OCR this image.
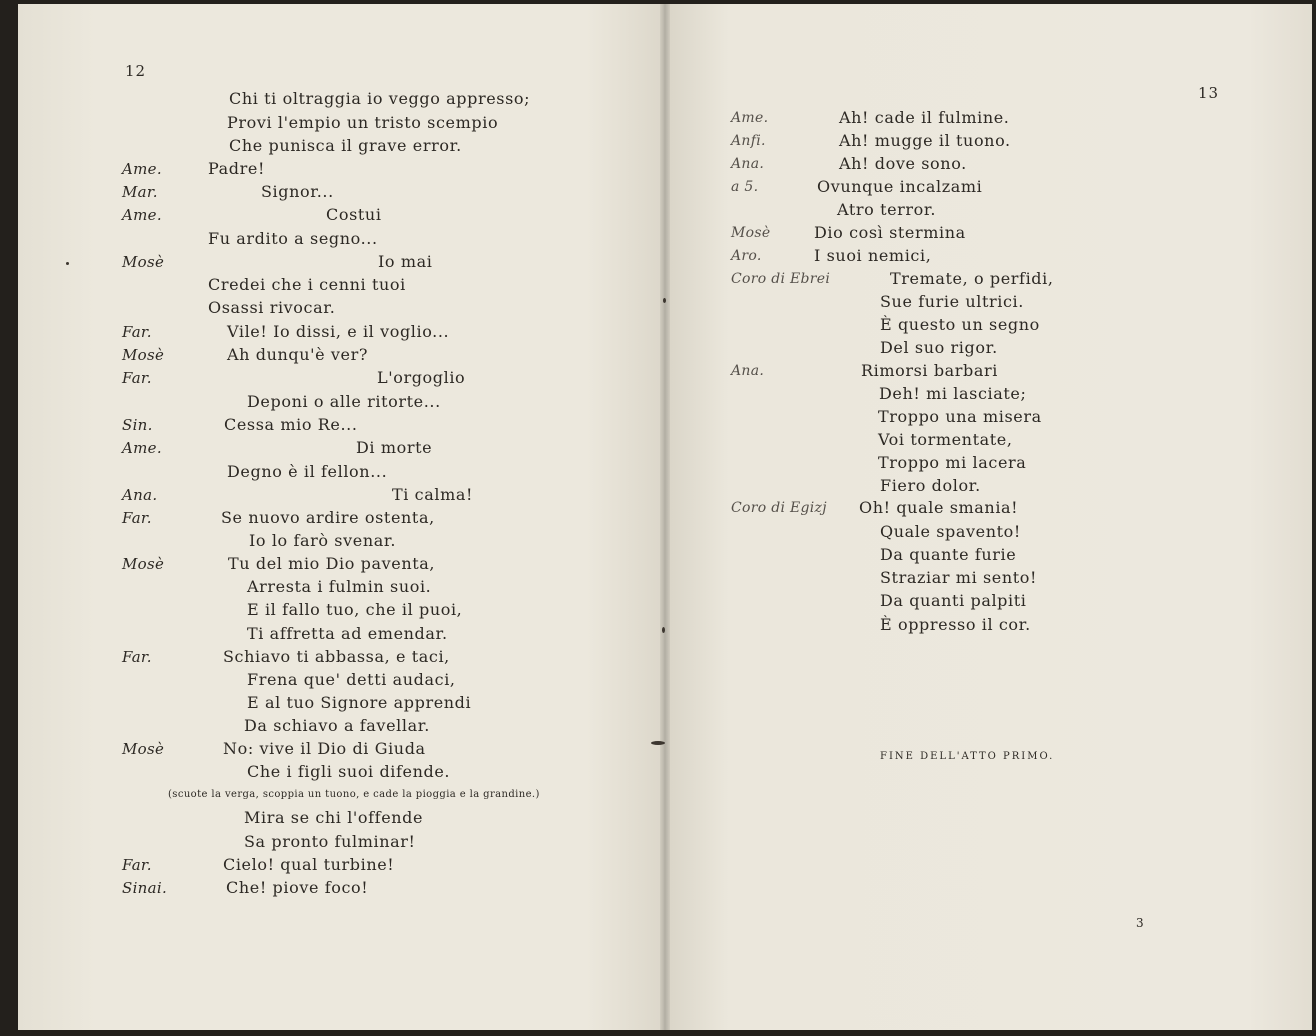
12
13
Chi ti oltraggia io veggo appresso;
Provi l'empio un tristo scempio
Che punisca il grave error.
Ame.	Padre!
Mar.	Signor...
Ame.	Costui
Fu ardito a segno...
Mosè	Io mai
Credei che i cenni tuoi
Osassi rivocar.
Far.	Vile! Io dissi, e il voglio...
Mosè	Ah dunqu'è ver?
Far.	L'orgoglio
Deponi o alle ritorte...
Sin.	Cessa mio Re...
Ame.	Di morte
Degno è il fellon...
Ana.	Ti calma!
Far.	Se nuovo ardire ostenta,
Io lo farò svenar.
Mosè	Tu del mio Dio paventa,
Arresta i fulmin suoi.
E il fallo tuo, che il puoi,
Ti affretta ad emendar.
Far.	Schiavo ti abbassa, e taci,
Frena que' detti audaci,
E al tuo Signore apprendi
Da schiavo a favellar.
Mosè	No: vive il Dio di Giuda
Che i figli suoi difende.
Mira se chi l'offende
Sa pronto fulminar!
Far.	Cielo! qual turbine!
Sinai.	Che! piove foco!
Ame.	Ah! cade il fulmine.
Anfi.	Ah! mugge il tuono.
Ana.	Ah! dove sono.
a 5.	Ovunque incalzami
Atro terror.
Mosè	Dio così stermina
Aro.	I suoi nemici,
Coro di Ebrei	Tremate, o perfidi,
Sue furie ultrici.
È questo un segno
Del suo rigor.
Ana.	Rimorsi barbari
Deh! mi lasciate;
Troppo una misera
Voi tormentate,
Troppo mi lacera
Fiero dolor.
Coro di Egizj Oh! quale smania!
Quale spavento!
Da quante furie
Straziar mi sento!
Da quanti palpiti
È oppresso il cor.
(scuote la verga, scoppia un tuono, e cade la pioggia e la grandine.)
FINE DELL'ATTO PRIMO.
3
